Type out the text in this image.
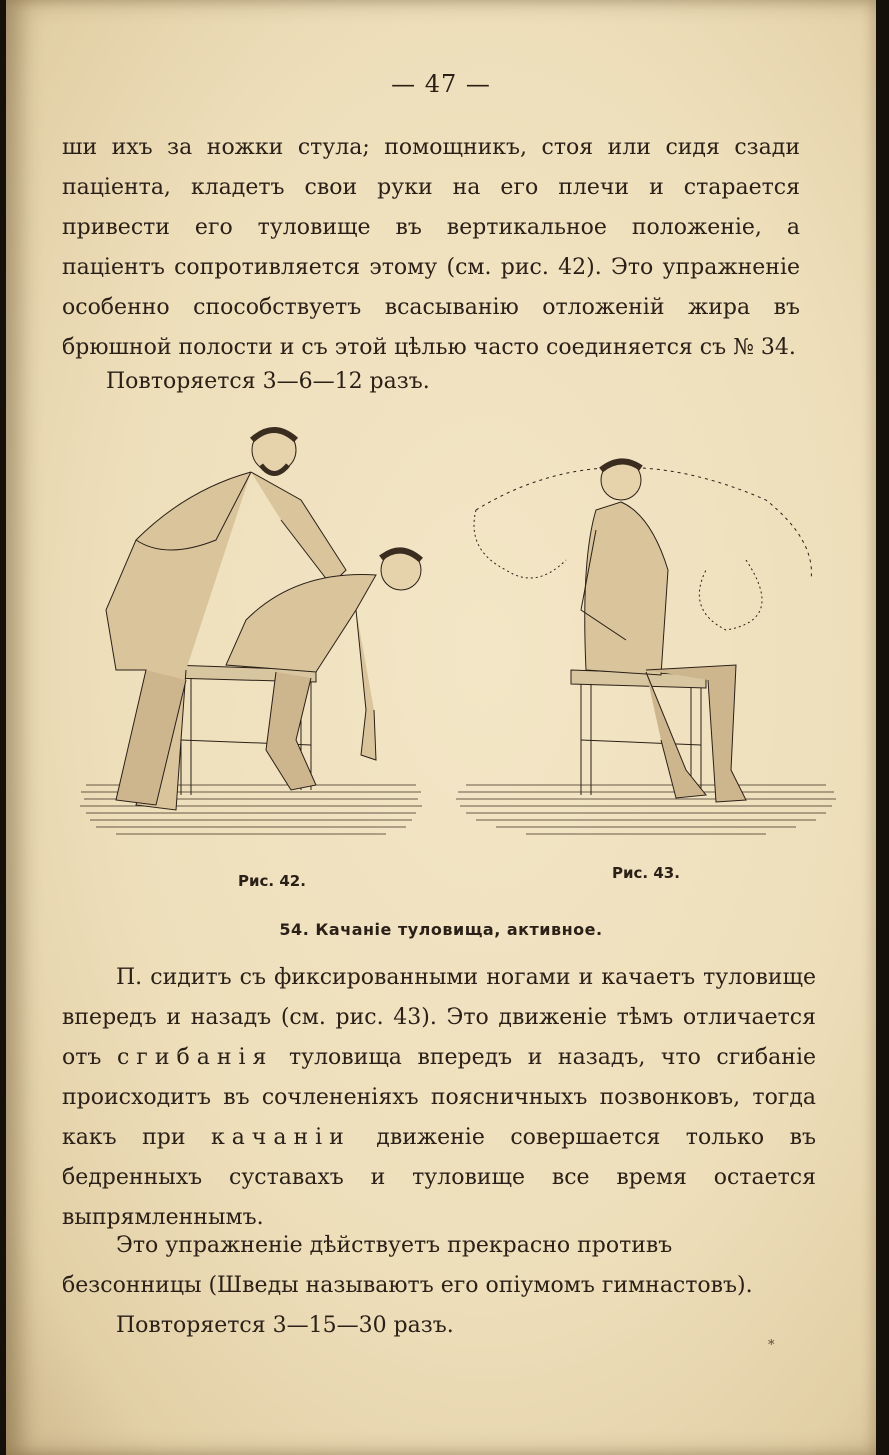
— 47 —

ши ихъ за ножки стула; помощникъ, стоя или сидя сзади паціента, кладетъ свои руки на его плечи и старается привести его туловище въ вертикальное положеніе, а паціентъ сопротивляется этому (см. рис. 42). Это упражненіе особенно способствуетъ всасыванію отложеній жира въ брюшной полости и съ этой цѣлью часто соединяется съ № 34.

Повторяется 3—6—12 разъ.

Рис. 42.	Рис. 43.
54. Качаніе туловища, активное.

П. сидитъ съ фиксированными ногами и качаетъ туловище впередъ и назадъ (см. рис. 43). Это движеніе тѣмъ отличается отъ сгибанія туловища впередъ и назадъ, что сгибаніе происходитъ въ сочлененіяхъ поясничныхъ позвонковъ, тогда какъ при качаніи движеніе совершается только въ бедренныхъ суставахъ и туловище все время остается выпрямленнымъ.

Это упражненіе дѣйствуетъ прекрасно противъ безсонницы (Шведы называютъ его опіумомъ гимнастовъ).

Повторяется 3—15—30 разъ.

*
